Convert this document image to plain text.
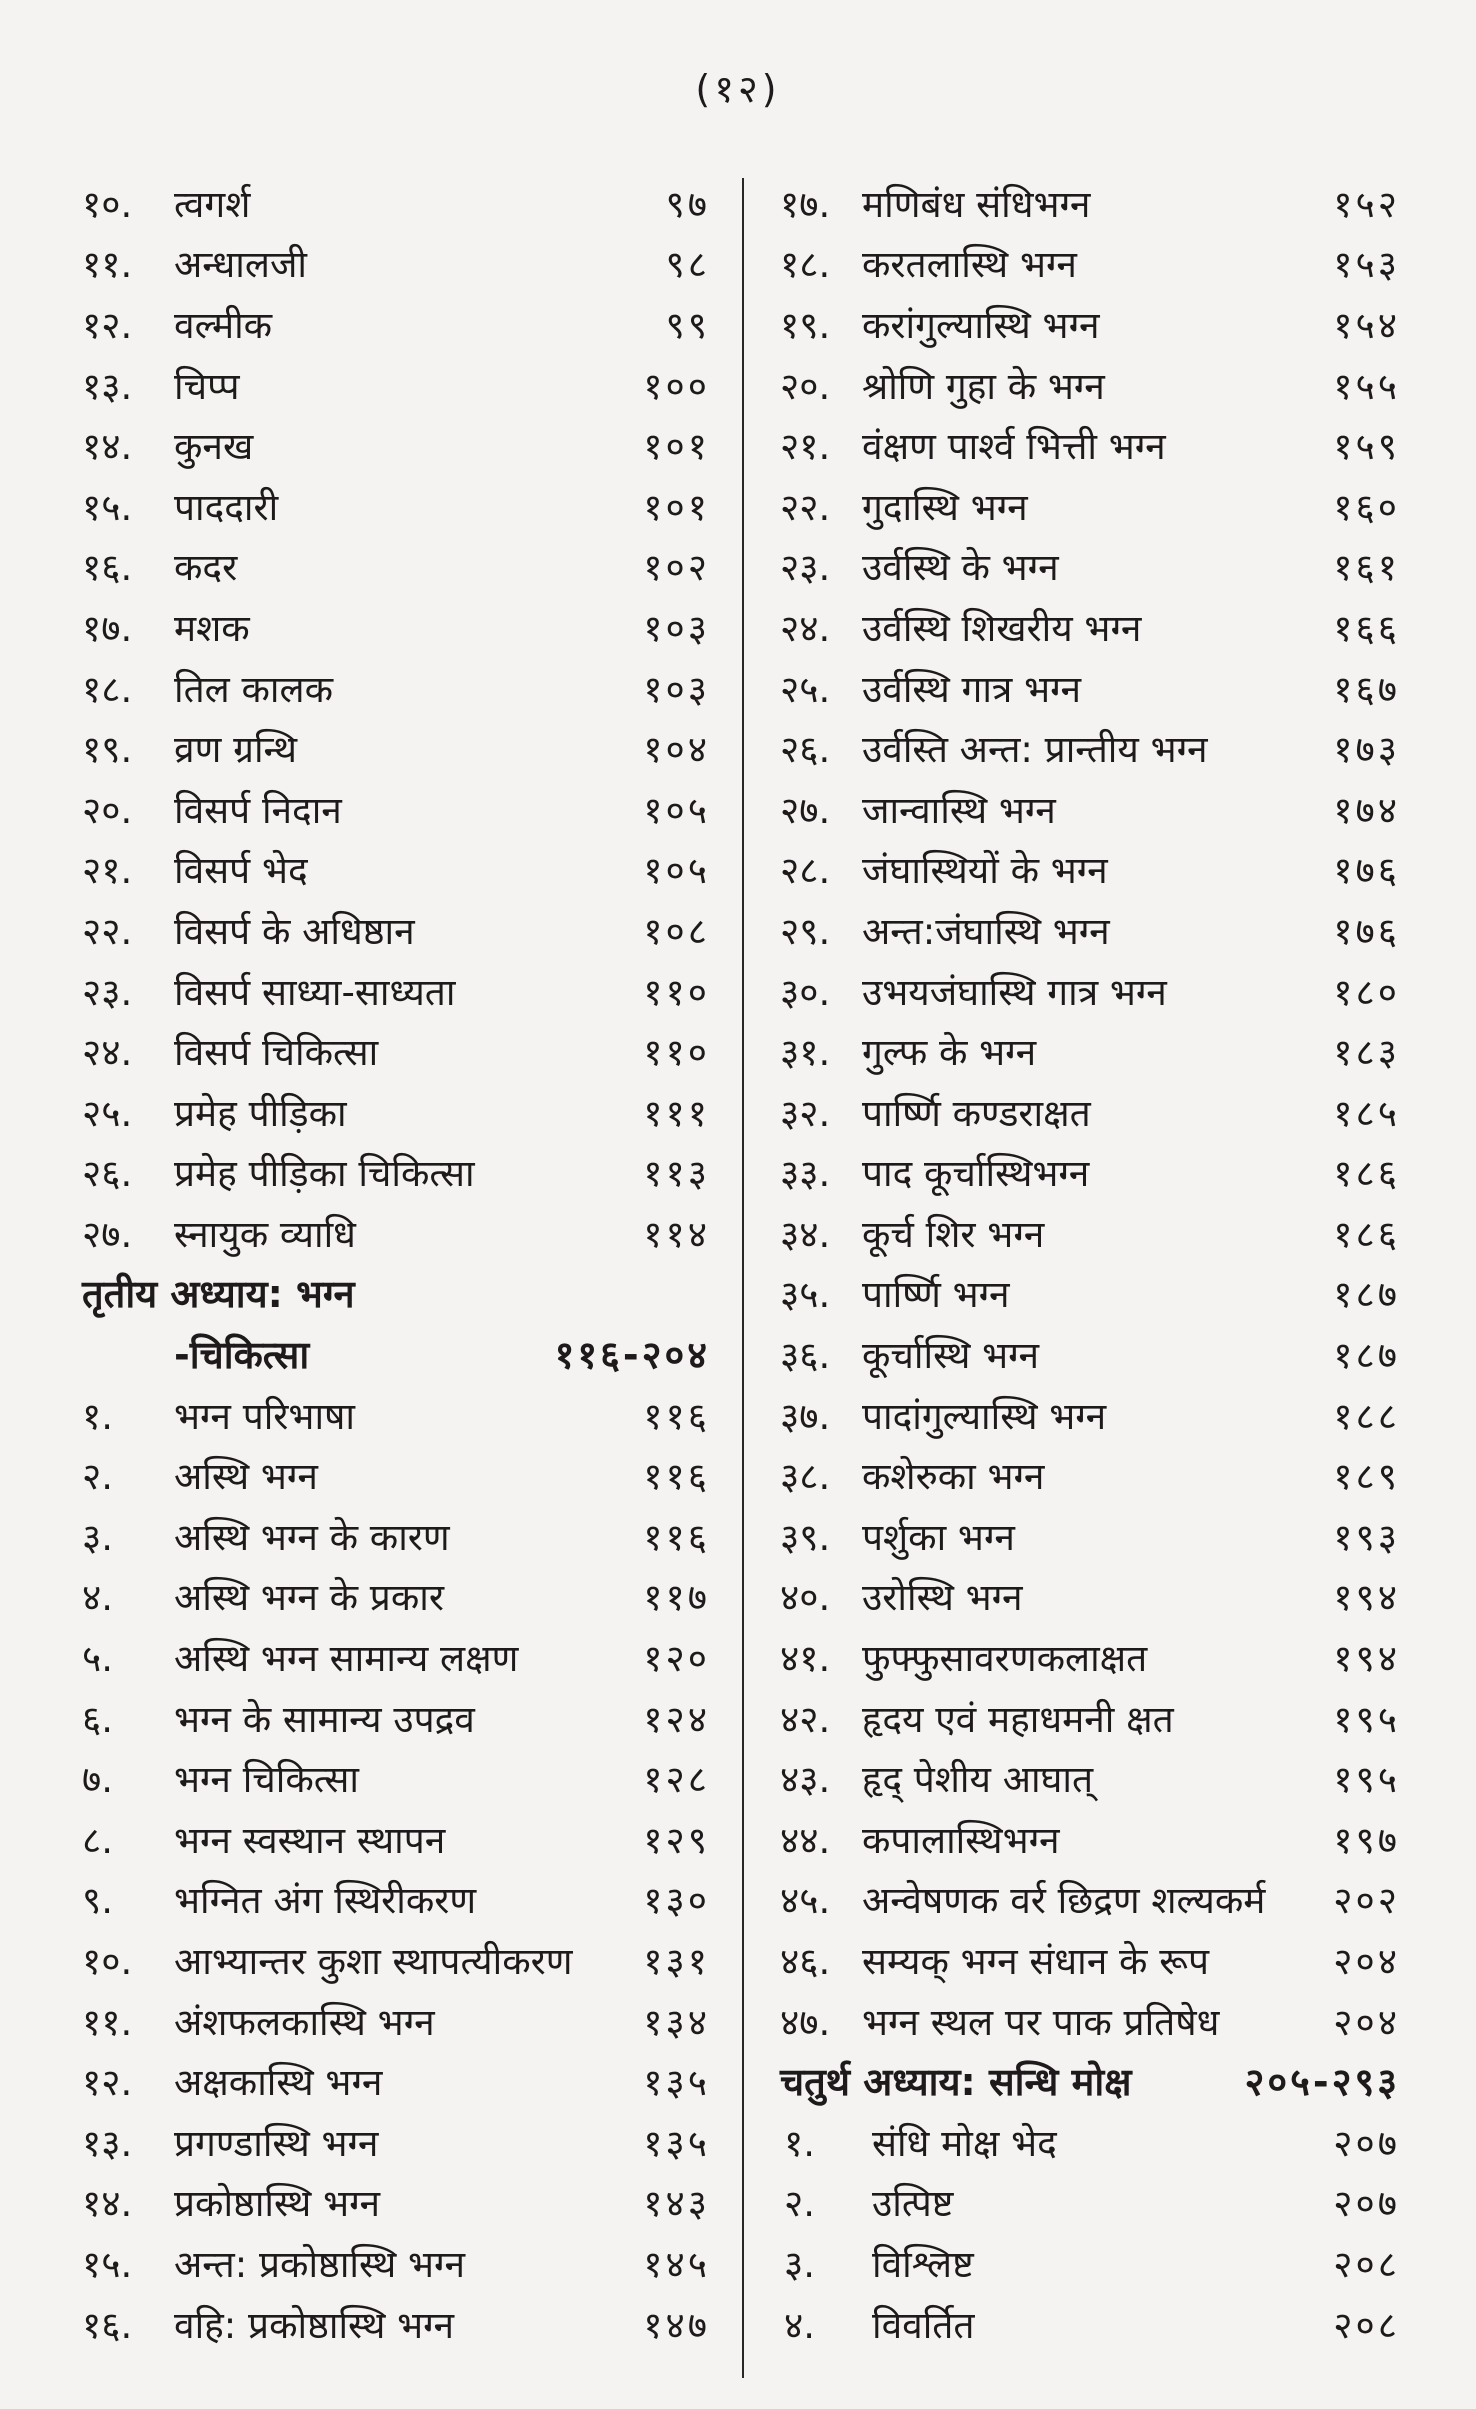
(१२)
१०.	त्वगर्श	९७
११.	अन्धालजी	९८
१२.	वल्मीक	९९
१३.	चिप्प	१००
१४.	कुनख	१०१
१५.	पाददारी	१०१
१६.	कदर	१०२
१७.	मशक	१०३
१८.	तिल कालक	१०३
१९.	व्रण ग्रन्थि	१०४
२०.	विसर्प निदान	१०५
२१.	विसर्प भेद	१०५
२२.	विसर्प के अधिष्ठान	१०८
२३.	विसर्प साध्या-साध्यता	११०
२४.	विसर्प चिकित्सा	११०
२५.	प्रमेह पीड़िका	१११
२६.	प्रमेह पीड़िका चिकित्सा	११३
२७.	स्नायुक व्याधि	११४
तृतीय अध्याय: भग्न
-चिकित्सा	११६-२०४
१.	भग्न परिभाषा	११६
२.	अस्थि भग्न	११६
३.	अस्थि भग्न के कारण	११६
४.	अस्थि भग्न के प्रकार	११७
५.	अस्थि भग्न सामान्य लक्षण	१२०
६.	भग्न के सामान्य उपद्रव	१२४
७.	भग्न चिकित्सा	१२८
८.	भग्न स्वस्थान स्थापन	१२९
९.	भग्नित अंग स्थिरीकरण	१३०
१०.	आभ्यान्तर कुशा स्थापत्यीकरण	१३१
११.	अंशफलकास्थि भग्न	१३४
१२.	अक्षकास्थि भग्न	१३५
१३.	प्रगण्डास्थि भग्न	१३५
१४.	प्रकोष्ठास्थि भग्न	१४३
१५.	अन्त: प्रकोष्ठास्थि भग्न	१४५
१६.	वहि: प्रकोष्ठास्थि भग्न	१४७
१७. मणिबंध संधिभग्न	१५२
१८. करतलास्थि भग्न	१५३
१९. करांगुल्यास्थि भग्न	१५४
२०. श्रोणि गुहा के भग्न	१५५
२१. वंक्षण पार्श्व भित्ती भग्न	१५९
२२. गुदास्थि भग्न	१६०
२३. उर्वस्थि के भग्न	१६१
२४. उर्वस्थि शिखरीय भग्न	१६६
२५. उर्वस्थि गात्र भग्न	१६७
२६. उर्वस्ति अन्त: प्रान्तीय भग्न	१७३
२७. जान्वास्थि भग्न	१७४
२८. जंघास्थियों के भग्न	१७६
२९. अन्त:जंघास्थि भग्न	१७६
३०. उभयजंघास्थि गात्र भग्न	१८०
३१. गुल्फ के भग्न	१८३
३२. पार्ष्णि कण्डराक्षत	१८५
३३. पाद कूर्चास्थिभग्न	१८६
३४. कूर्च शिर भग्न	१८६
३५. पार्ष्णि भग्न	१८७
३६. कूर्चास्थि भग्न	१८७
३७. पादांगुल्यास्थि भग्न	१८८
३८. कशेरुका भग्न	१८९
३९. पर्शुका भग्न	१९३
४०. उरोस्थि भग्न	१९४
४१. फुफ्फुसावरणकलाक्षत	१९४
४२. हृदय एवं महाधमनी क्षत	१९५
४३. हृद् पेशीय आघात्	१९५
४४. कपालास्थिभग्न	१९७
४५. अन्वेषणक वर्र छिद्रण शल्यकर्म	२०२
४६. सम्यक् भग्न संधान के रूप	२०४
४७. भग्न स्थल पर पाक प्रतिषेध	२०४
चतुर्थ अध्याय: सन्धि मोक्ष	२०५-२९३
१.	संधि मोक्ष भेद	२०७
२.	उत्पिष्ट	२०७
३.	विश्लिष्ट	२०८
४.	विवर्तित	२०८
